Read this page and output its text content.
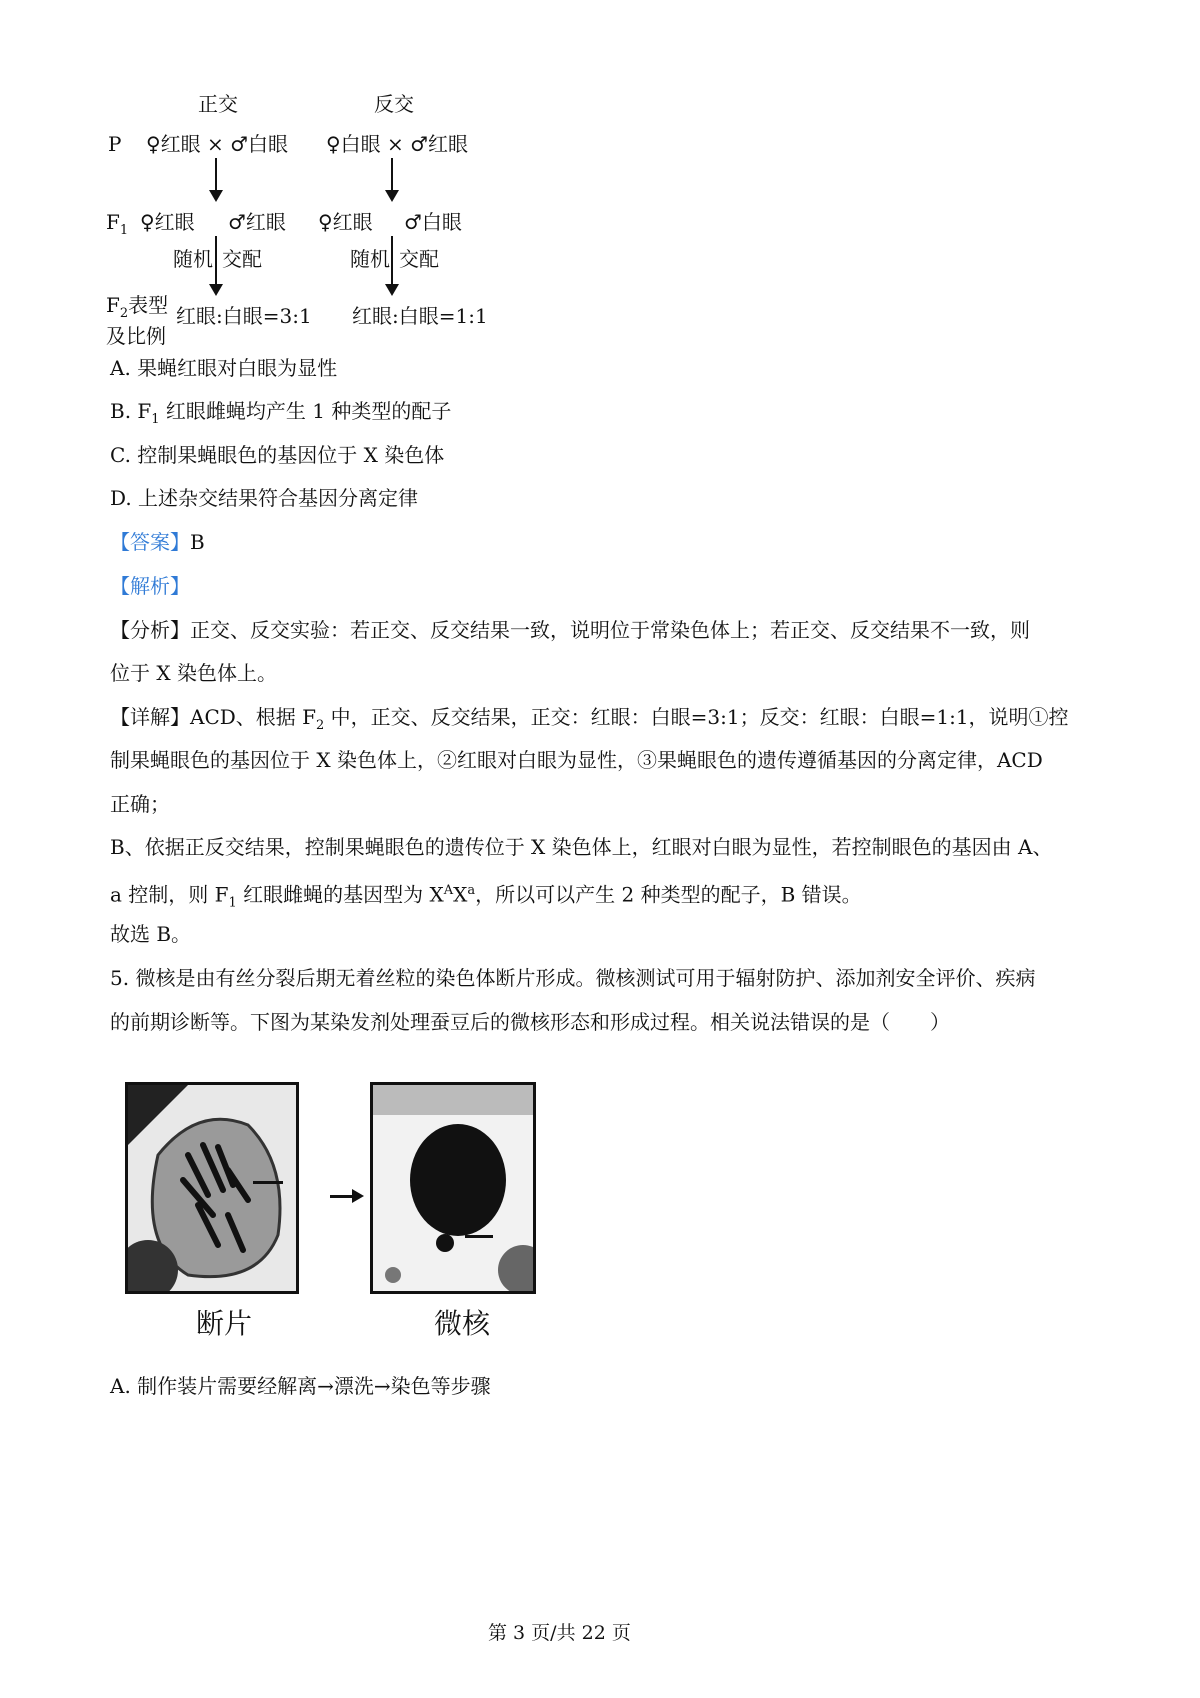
正交	反交
P ♀红眼 × ♂白眼 ♀白眼 × ♂红眼
$F_1$ ♀红眼 ♂红眼 ♀红眼 ♂白眼
随机 交配	随机 交配
$F_2$表型
及比例
红眼:白眼=3:1 红眼:白眼=1:1
A. 果蝇红眼对白眼为显性
B. $F_1$ 红眼雌蝇均产生 1 种类型的配子
C. 控制果蝇眼色的基因位于 X 染色体
D. 上述杂交结果符合基因分离定律
【答案】B
【解析】
【分析】正交、反交实验：若正交、反交结果一致，说明位于常染色体上；若正交、反交结果不一致，则
位于 X 染色体上。
【详解】ACD、根据 $F_2$ 中，正交、反交结果，正交：红眼：白眼=3:1；反交：红眼：白眼=1:1，说明①控
制果蝇眼色的基因位于 X 染色体上，②红眼对白眼为显性，③果蝇眼色的遗传遵循基因的分离定律，ACD
正确；
B、依据正反交结果，控制果蝇眼色的遗传位于 X 染色体上，红眼对白眼为显性，若控制眼色的基因由 A、
a 控制，则 $F_1$ 红眼雌蝇的基因型为 $X^AX^a$，所以可以产生 2 种类型的配子，B 错误。
故选 B。
5. 微核是由有丝分裂后期无着丝粒的染色体断片形成。微核测试可用于辐射防护、添加剂安全评价、疾病
的前期诊断等。下图为某染发剂处理蚕豆后的微核形态和形成过程。相关说法错误的是（　　）
断片	微核
A. 制作装片需要经解离→漂洗→染色等步骤
第 3 页/共 22 页
